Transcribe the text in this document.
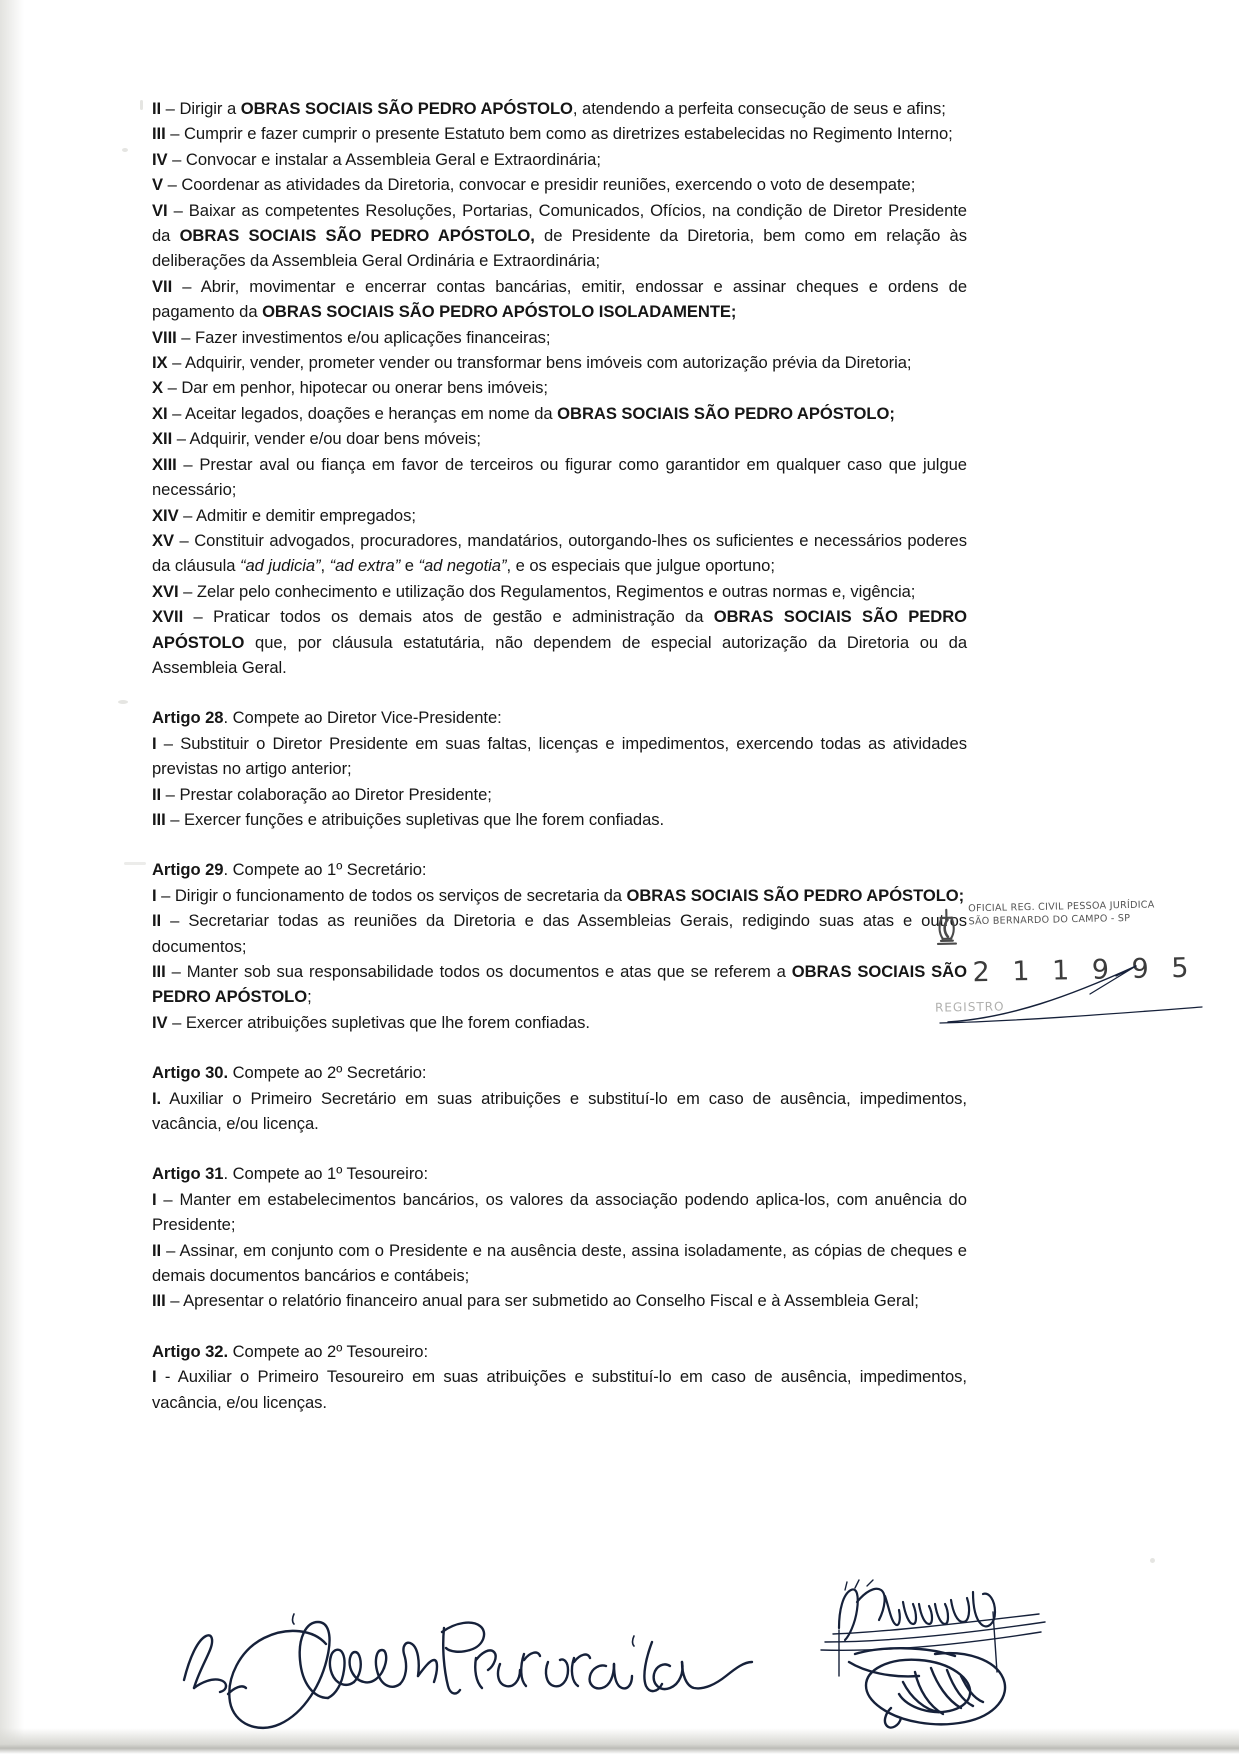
II – Dirigir a OBRAS SOCIAIS SÃO PEDRO APÓSTOLO, atendendo a perfeita consecução de seus e afins;

III – Cumprir e fazer cumprir o presente Estatuto bem como as diretrizes estabelecidas no Regimento Interno;

IV – Convocar e instalar a Assembleia Geral e Extraordinária;

V – Coordenar as atividades da Diretoria, convocar e presidir reuniões, exercendo o voto de desempate;

VI – Baixar as competentes Resoluções, Portarias, Comunicados, Ofícios, na condição de Diretor Presidente da OBRAS SOCIAIS SÃO PEDRO APÓSTOLO, de Presidente da Diretoria, bem como em relação às deliberações da Assembleia Geral Ordinária e Extraordinária;

VII – Abrir, movimentar e encerrar contas bancárias, emitir, endossar e assinar cheques e ordens de pagamento da OBRAS SOCIAIS SÃO PEDRO APÓSTOLO ISOLADAMENTE;

VIII – Fazer investimentos e/ou aplicações financeiras;

IX – Adquirir, vender, prometer vender ou transformar bens imóveis com autorização prévia da Diretoria;

X – Dar em penhor, hipotecar ou onerar bens imóveis;

XI – Aceitar legados, doações e heranças em nome da OBRAS SOCIAIS SÃO PEDRO APÓSTOLO;

XII – Adquirir, vender e/ou doar bens móveis;

XIII – Prestar aval ou fiança em favor de terceiros ou figurar como garantidor em qualquer caso que julgue necessário;

XIV – Admitir e demitir empregados;

XV – Constituir advogados, procuradores, mandatários, outorgando-lhes os suficientes e necessários poderes da cláusula “ad judicia”, “ad extra” e “ad negotia”, e os especiais que julgue oportuno;

XVI – Zelar pelo conhecimento e utilização dos Regulamentos, Regimentos e outras normas e, vigência;

XVII – Praticar todos os demais atos de gestão e administração da OBRAS SOCIAIS SÃO PEDRO APÓSTOLO que, por cláusula estatutária, não dependem de especial autorização da Diretoria ou da Assembleia Geral.

Artigo 28. Compete ao Diretor Vice-Presidente:

I – Substituir o Diretor Presidente em suas faltas, licenças e impedimentos, exercendo todas as atividades previstas no artigo anterior;

II – Prestar colaboração ao Diretor Presidente;

III – Exercer funções e atribuições supletivas que lhe forem confiadas.

Artigo 29. Compete ao 1º Secretário:

I – Dirigir o funcionamento de todos os serviços de secretaria da OBRAS SOCIAIS SÃO PEDRO APÓSTOLO;

II – Secretariar todas as reuniões da Diretoria e das Assembleias Gerais, redigindo suas atas e outros documentos;

III – Manter sob sua responsabilidade todos os documentos e atas que se referem a OBRAS SOCIAIS SÃO PEDRO APÓSTOLO;

IV – Exercer atribuições supletivas que lhe forem confiadas.

Artigo 30. Compete ao 2º Secretário:

I. Auxiliar o Primeiro Secretário em suas atribuições e substituí-lo em caso de ausência, impedimentos, vacância, e/ou licença.

Artigo 31. Compete ao 1º Tesoureiro:

I – Manter em estabelecimentos bancários, os valores da associação podendo aplica-los, com anuência do Presidente;

II – Assinar, em conjunto com o Presidente e na ausência deste, assina isoladamente, as cópias de cheques e demais documentos bancários e contábeis;

III – Apresentar o relatório financeiro anual para ser submetido ao Conselho Fiscal e à Assembleia Geral;

Artigo 32. Compete ao 2º Tesoureiro:

I - Auxiliar o Primeiro Tesoureiro em suas atribuições e substituí-lo em caso de ausência, impedimentos, vacância, e/ou licenças.

OFICIAL REG. CIVIL PESSOA JURÍDICA
SÃO BERNARDO DO CAMPO - SP
2 1 1 9 9 5
REGISTRO
